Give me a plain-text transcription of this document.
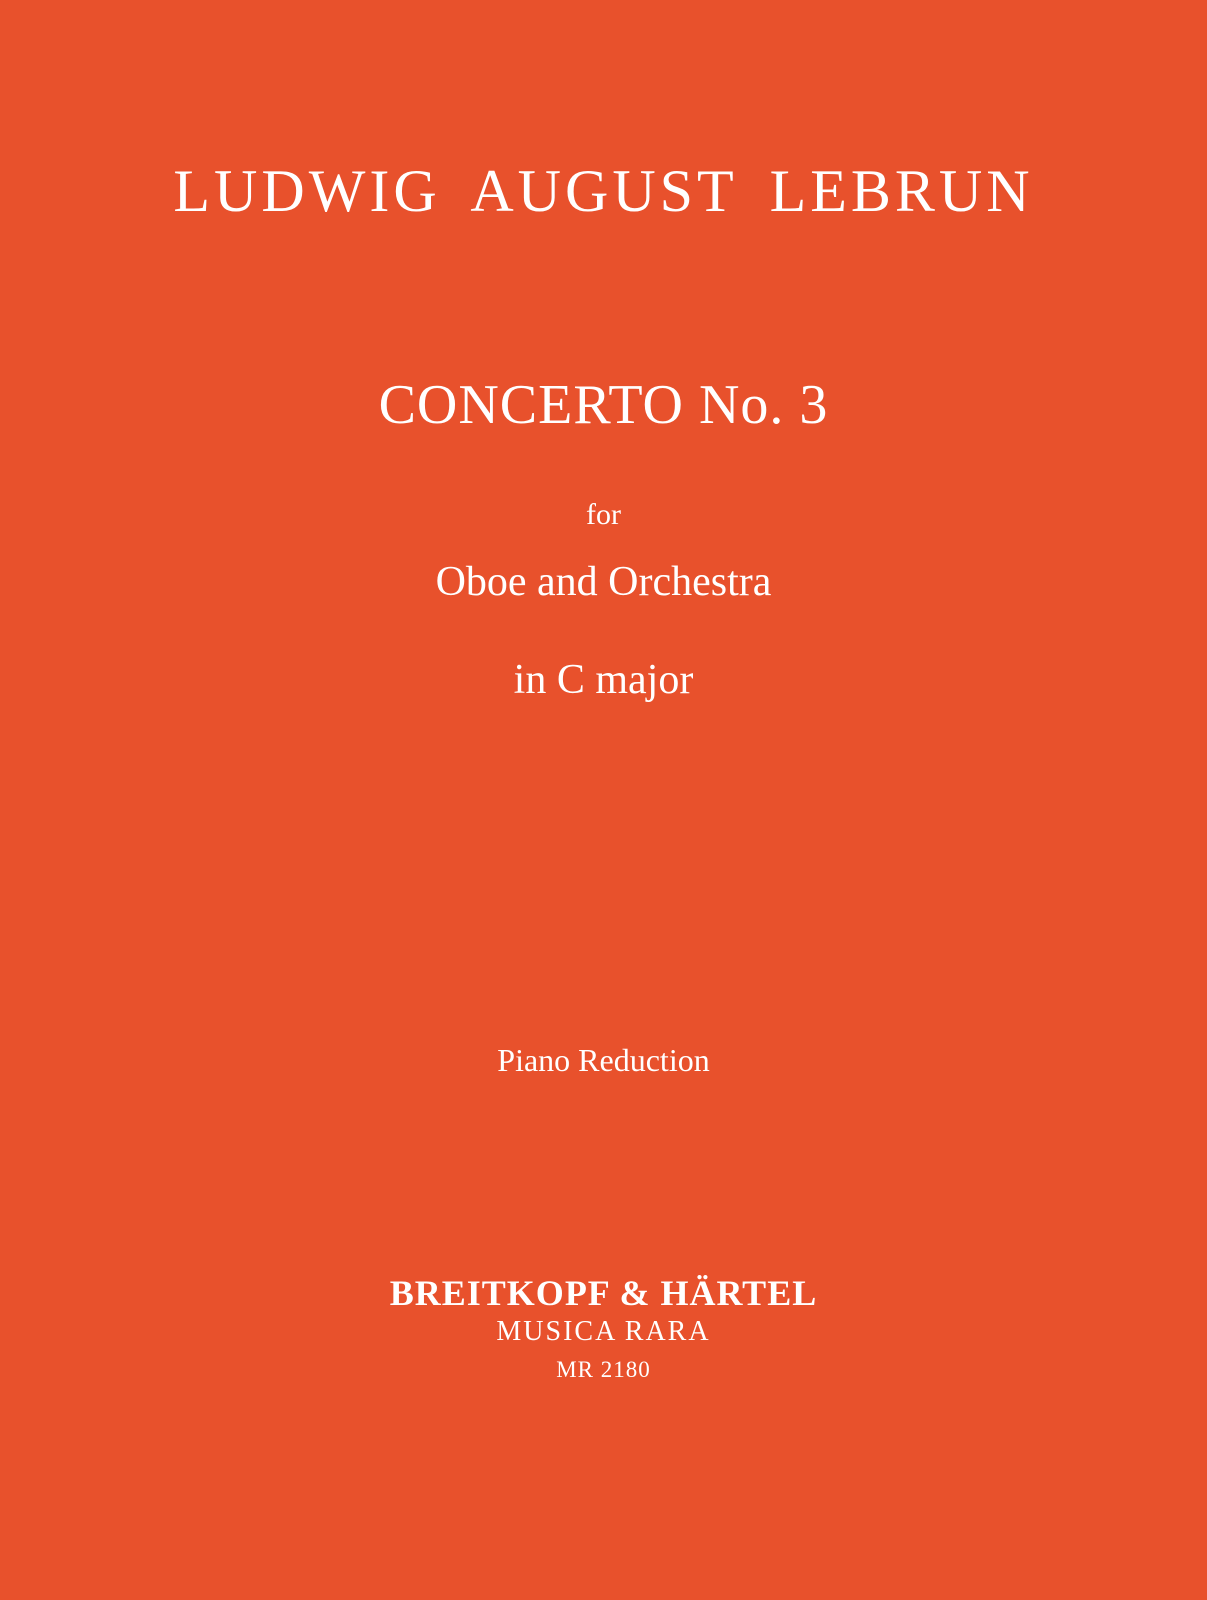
LUDWIG AUGUST LEBRUN
CONCERTO No. 3
for
Oboe and Orchestra
in C major
Piano Reduction
BREITKOPF & HÄRTEL
MUSICA RARA
MR 2180
